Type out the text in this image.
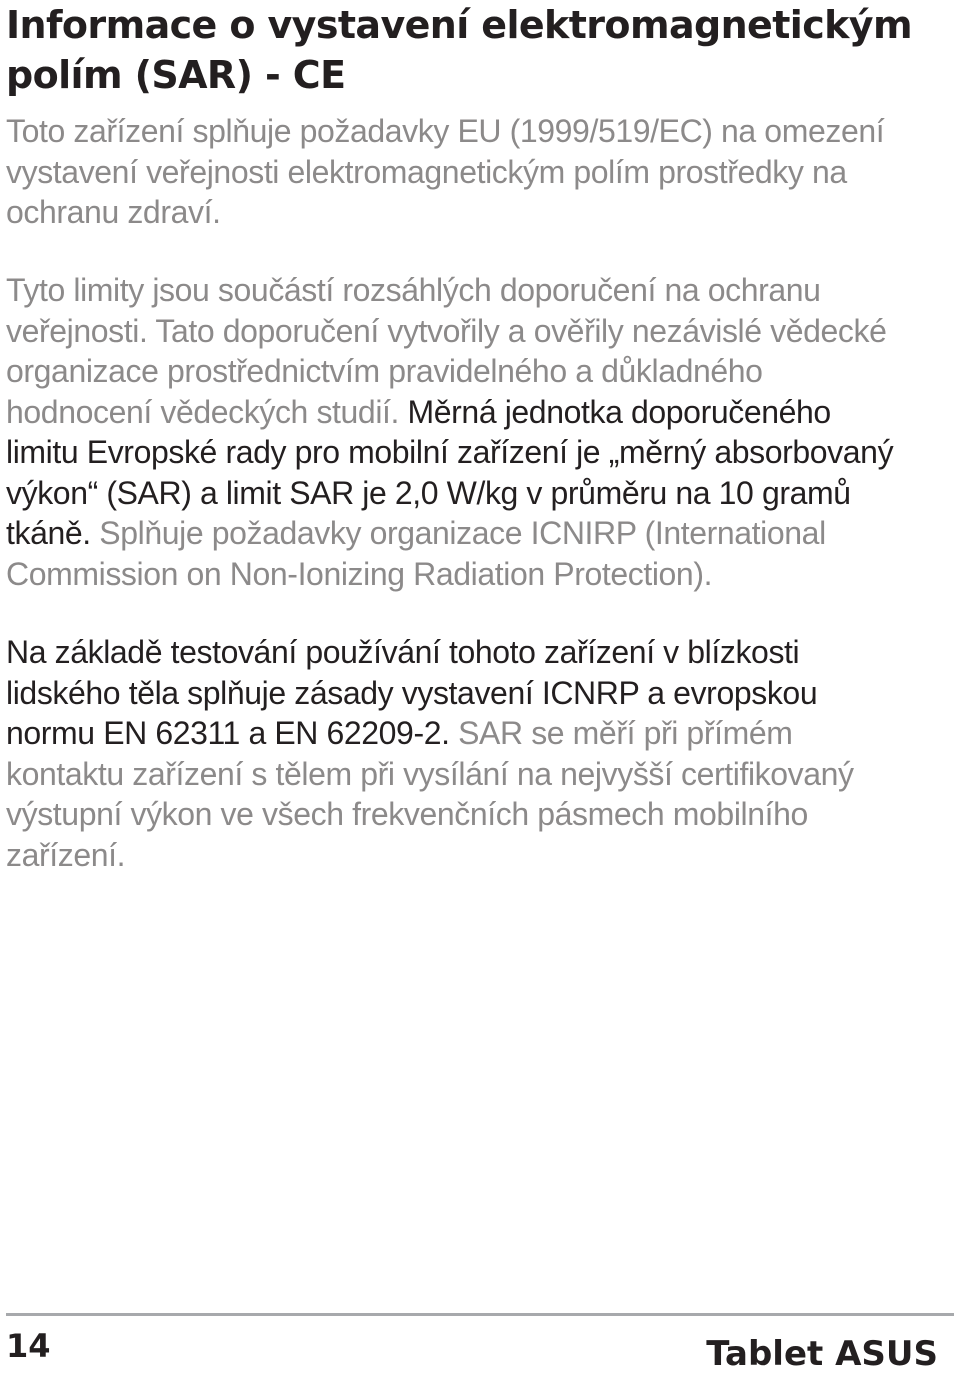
Informace o vystavení elektromagnetickým
polím (SAR) - CE

Toto zařízení splňuje požadavky EU (1999/519/EC) na omezení
vystavení veřejnosti elektromagnetickým polím prostředky na
ochranu zdraví.

Tyto limity jsou součástí rozsáhlých doporučení na ochranu
veřejnosti. Tato doporučení vytvořily a ověřily nezávislé vědecké
organizace prostřednictvím pravidelného a důkladného
hodnocení vědeckých studií. Měrná jednotka doporučeného
limitu Evropské rady pro mobilní zařízení je „měrný absorbovaný
výkon“ (SAR) a limit SAR je 2,0 W/kg v průměru na 10 gramů
tkáně. Splňuje požadavky organizace ICNIRP (International
Commission on Non-Ionizing Radiation Protection).

Na základě testování používání tohoto zařízení v blízkosti
lidského těla splňuje zásady vystavení ICNRP a evropskou
normu EN 62311 a EN 62209-2. SAR se měří při přímém
kontaktu zařízení s tělem při vysílání na nejvyšší certifikovaný
výstupní výkon ve všech frekvenčních pásmech mobilního
zařízení.

14	Tablet ASUS
